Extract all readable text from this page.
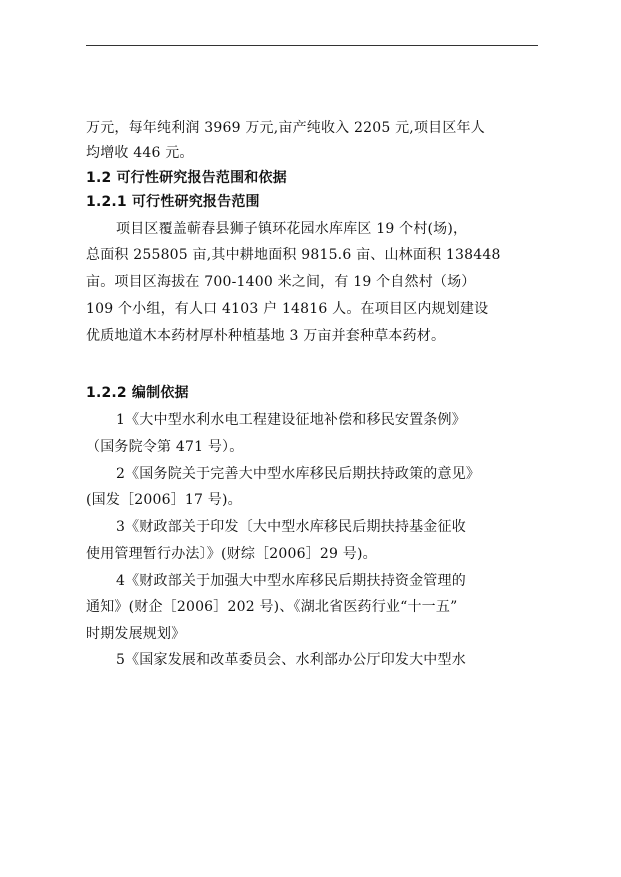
万元，每年纯利润 3969 万元,亩产纯收入 2205 元,项目区年人
均增收 446 元。
1.2 可行性研究报告范围和依据
1.2.1 可行性研究报告范围
项目区覆盖蕲春县狮子镇环花园水库库区 19 个村(场)，
总面积 255805 亩,其中耕地面积 9815.6 亩、山林面积 138448
亩。项目区海拔在 700-1400 米之间，有 19 个自然村（场）
109 个小组，有人口 4103 户 14816 人。在项目区内规划建设
优质地道木本药材厚朴种植基地 3 万亩并套种草本药材。
1.2.2 编制依据
1《大中型水利水电工程建设征地补偿和移民安置条例》
（国务院令第 471 号）。
2《国务院关于完善大中型水库移民后期扶持政策的意见》
(国发［2006］17 号)。
3《财政部关于印发〔大中型水库移民后期扶持基金征收
使用管理暂行办法〕》(财综［2006］29 号)。
4《财政部关于加强大中型水库移民后期扶持资金管理的
通知》(财企［2006］202 号)、《湖北省医药行业“十一五”
时期发展规划》
5《国家发展和改革委员会、水利部办公厅印发大中型水
